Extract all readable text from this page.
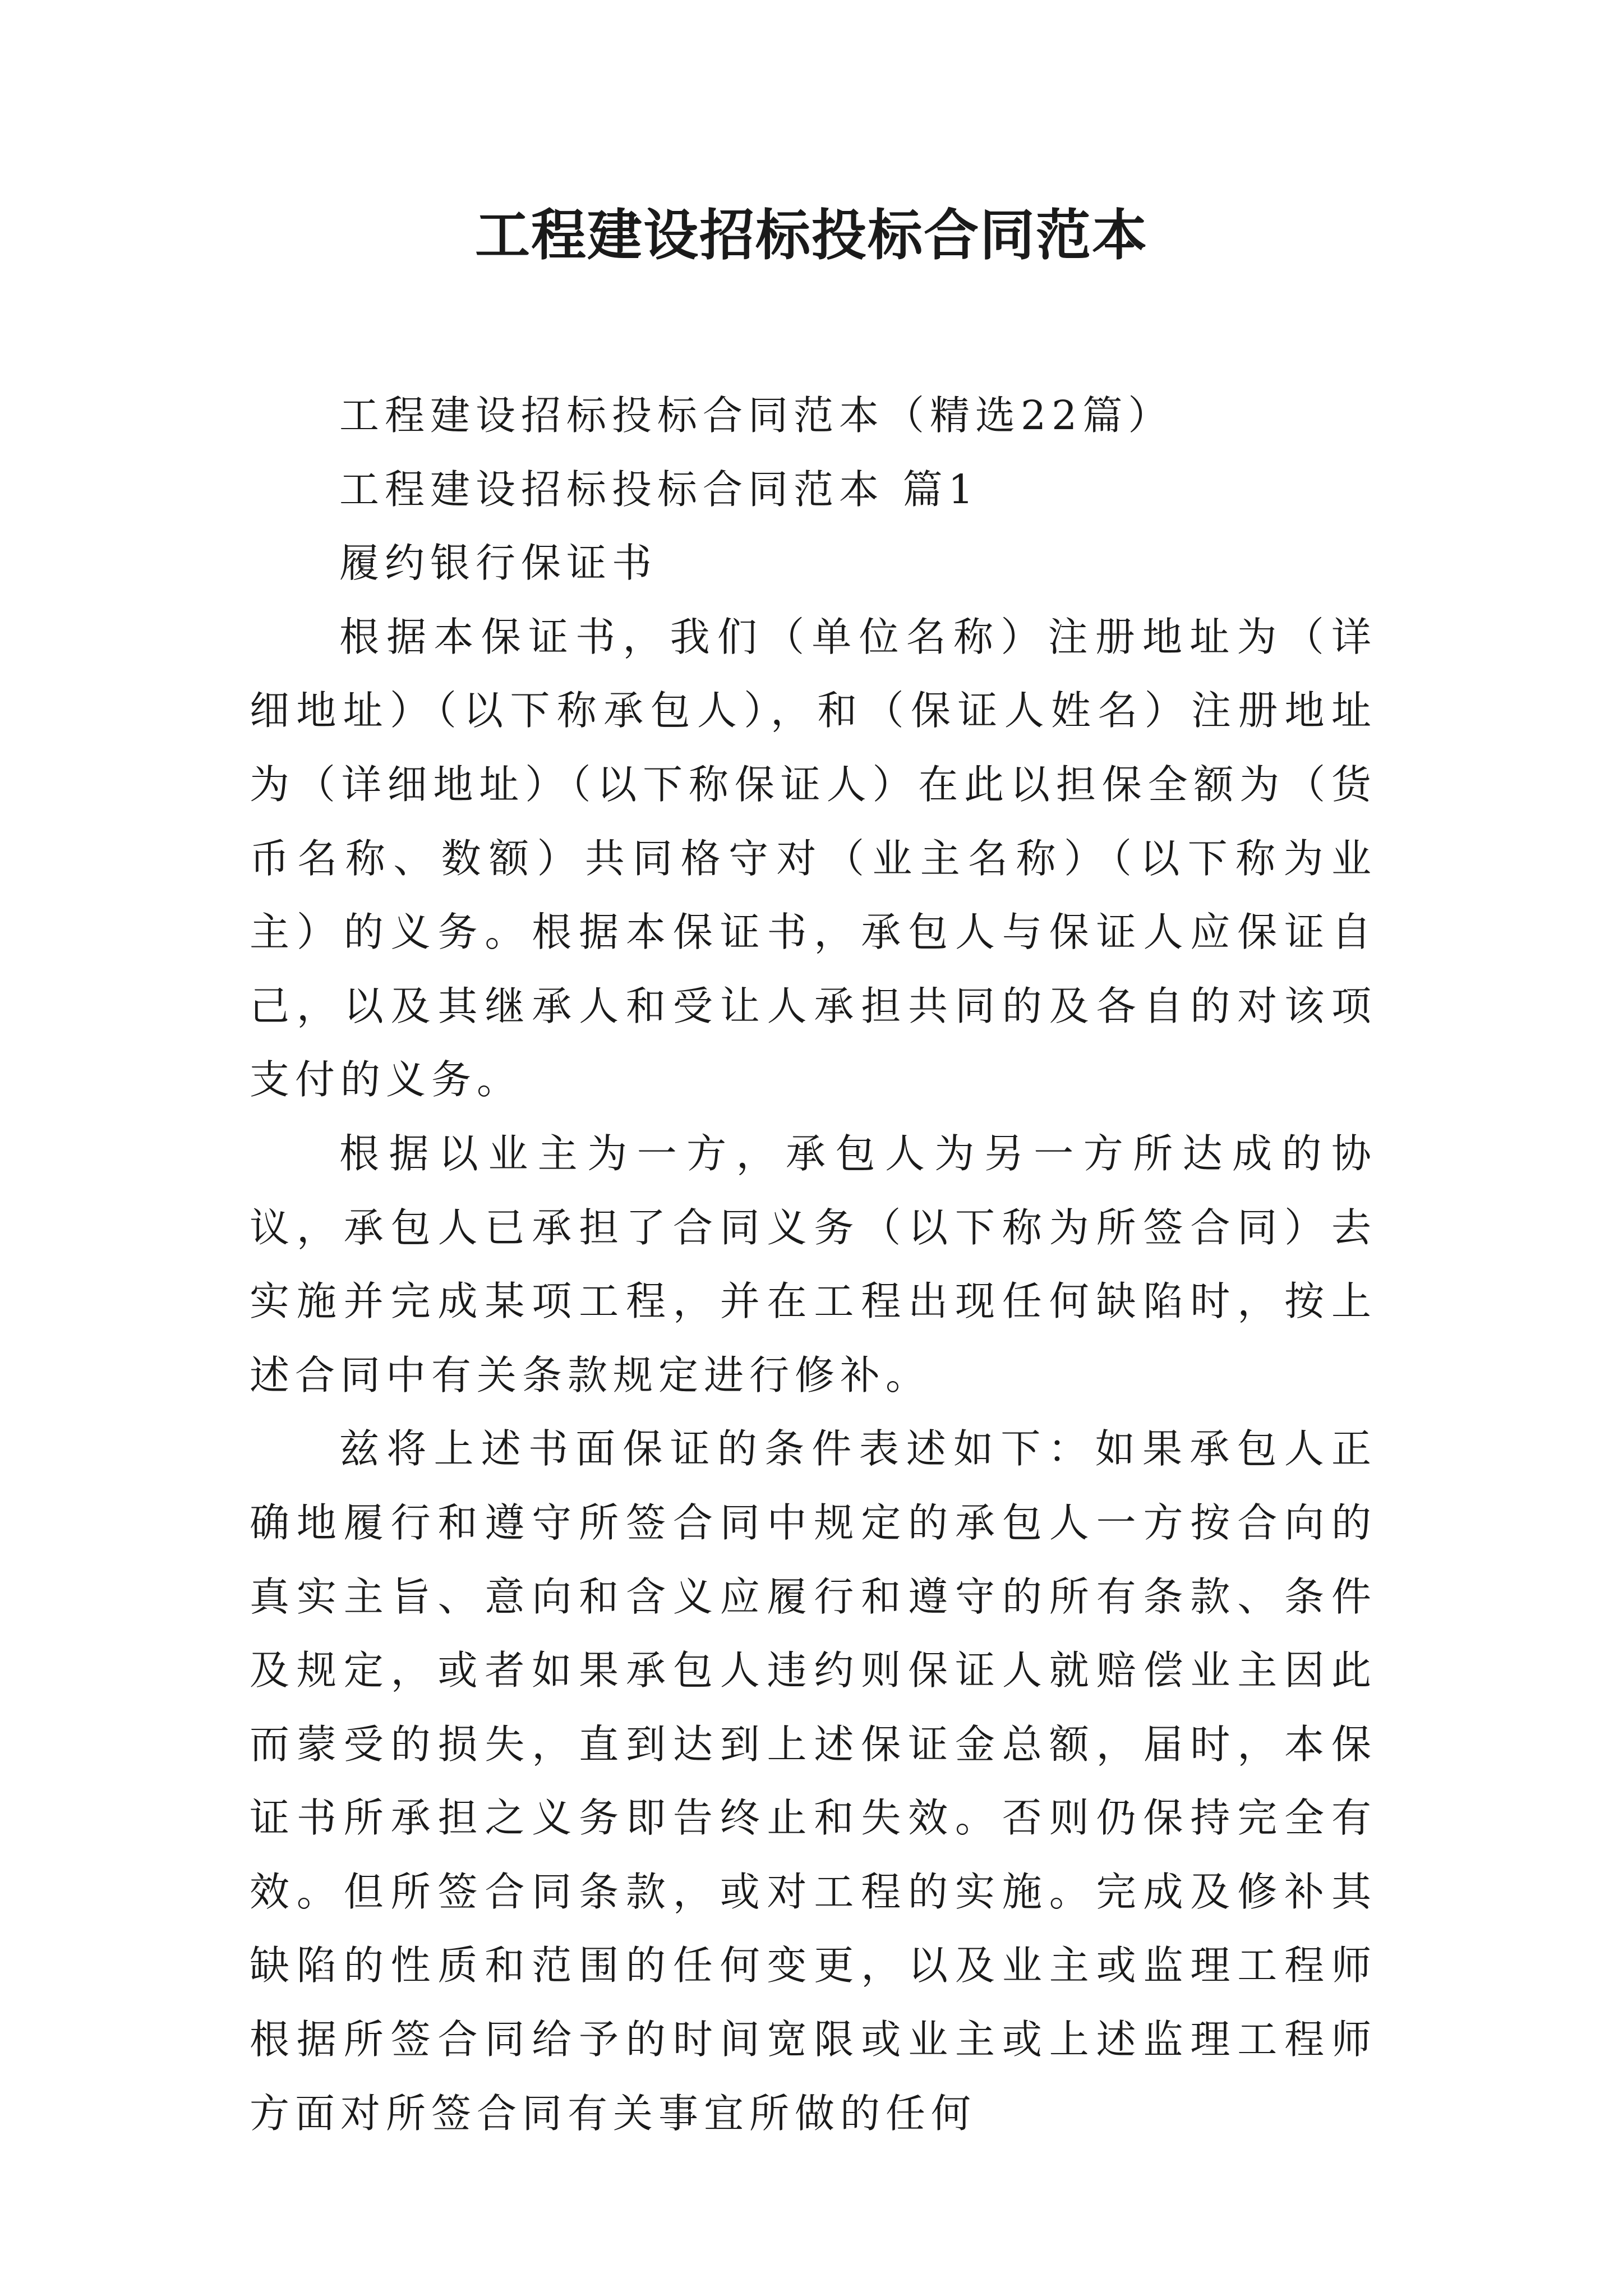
工程建设招标投标合同范本

工程建设招标投标合同范本（精选22篇）

工程建设招标投标合同范本 篇1

履约银行保证书

根据本保证书，我们（单位名称）注册地址为（详细地址）（以下称承包人），和（保证人姓名）注册地址为（详细地址）（以下称保证人）在此以担保全额为（货币名称、数额）共同格守对（业主名称）（以下称为业主）的义务。根据本保证书，承包人与保证人应保证自己，以及其继承人和受让人承担共同的及各自的对该项支付的义务。

根据以业主为一方，承包人为另一方所达成的协议，承包人已承担了合同义务（以下称为所签合同）去实施并完成某项工程，并在工程出现任何缺陷时，按上述合同中有关条款规定进行修补。

兹将上述书面保证的条件表述如下：如果承包人正确地履行和遵守所签合同中规定的承包人一方按合向的真实主旨、意向和含义应履行和遵守的所有条款、条件及规定，或者如果承包人违约则保证人就赔偿业主因此而蒙受的损失，直到达到上述保证金总额，届时，本保证书所承担之义务即告终止和失效。否则仍保持完全有效。但所签合同条款，或对工程的实施。完成及修补其缺陷的性质和范围的任何变更，以及业主或监理工程师根据所签合同给予的时间宽限或业主或上述监理工程师方面对所签合同有关事宜所做的任何
